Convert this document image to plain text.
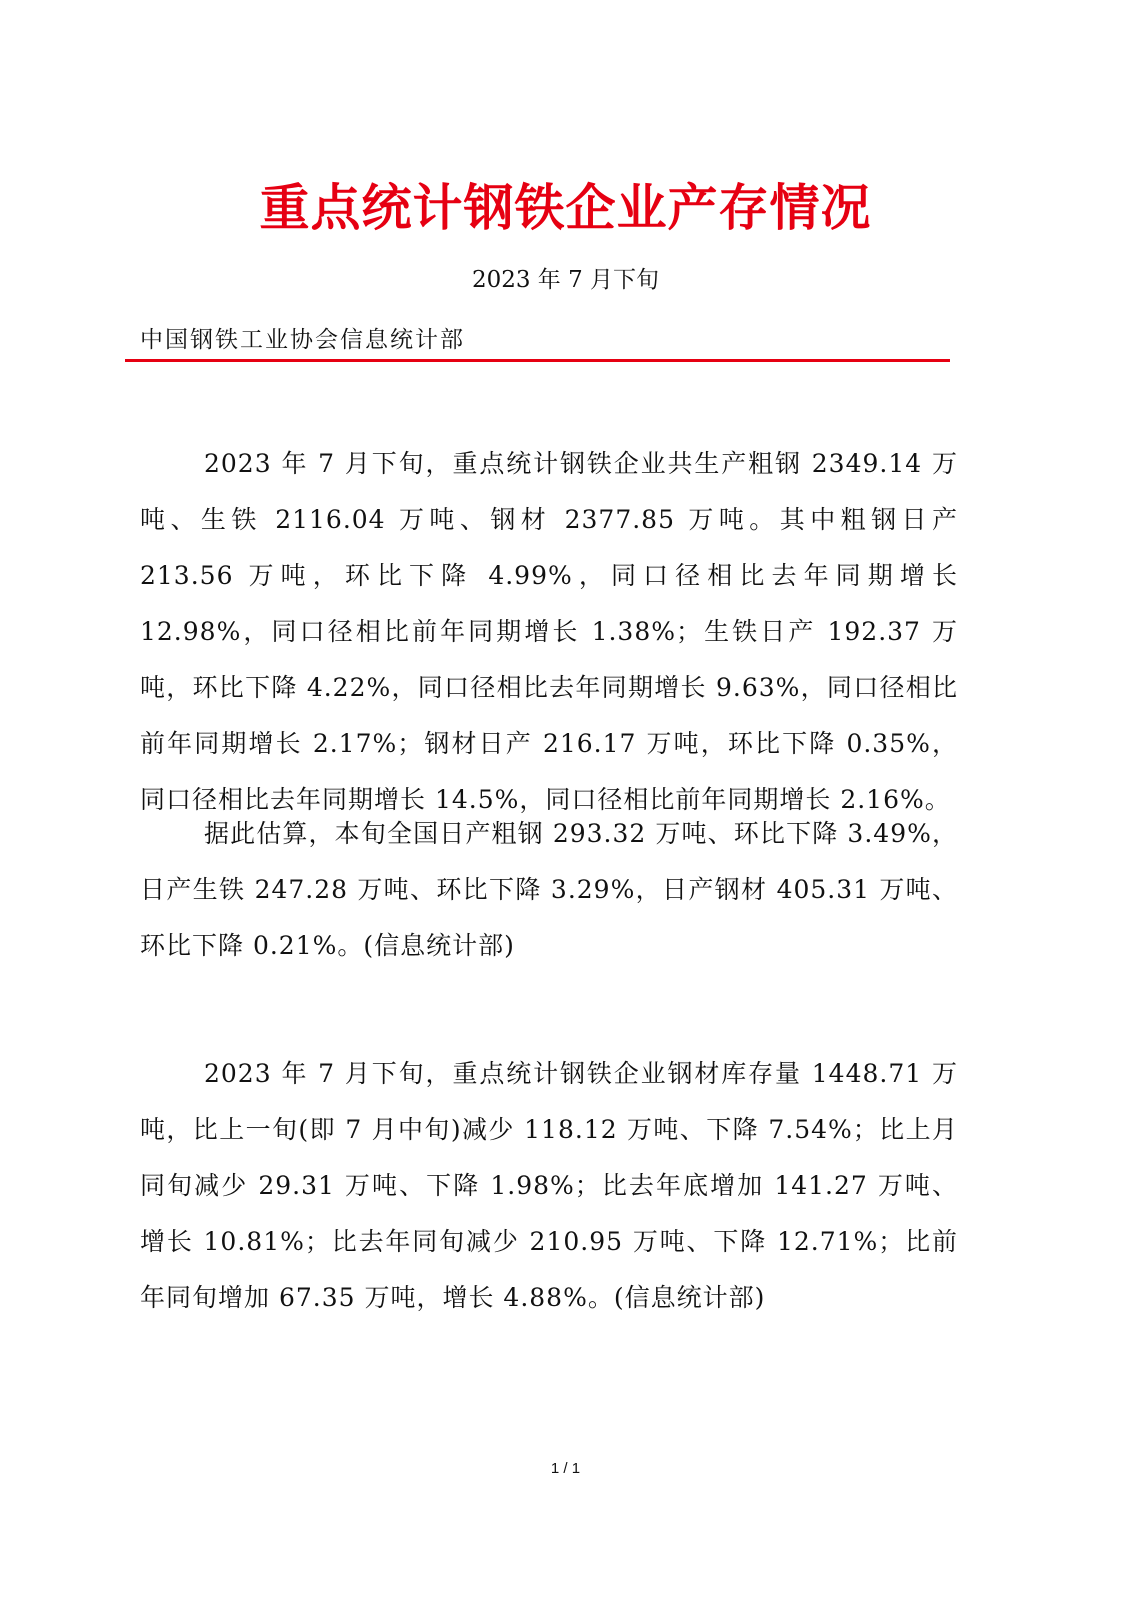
重点统计钢铁企业产存情况
2023 年 7 月下旬
中国钢铁工业协会信息统计部

2023 年 7 月下旬，重点统计钢铁企业共生产粗钢 2349.14 万吨、生铁 2116.04 万吨、钢材 2377.85 万吨。其中粗钢日产 213.56 万吨，环比下降 4.99%，同口径相比去年同期增长 12.98%，同口径相比前年同期增长 1.38%；生铁日产 192.37 万吨，环比下降 4.22%，同口径相比去年同期增长 9.63%，同口径相比前年同期增长 2.17%；钢材日产 216.17 万吨，环比下降 0.35%，同口径相比去年同期增长 14.5%，同口径相比前年同期增长 2.16%。

据此估算，本旬全国日产粗钢 293.32 万吨、环比下降 3.49%，日产生铁 247.28 万吨、环比下降 3.29%，日产钢材 405.31 万吨、环比下降 0.21%。(信息统计部)

2023 年 7 月下旬，重点统计钢铁企业钢材库存量 1448.71 万吨，比上一旬(即 7 月中旬)减少 118.12 万吨、下降 7.54%；比上月同旬减少 29.31 万吨、下降 1.98%；比去年底增加 141.27 万吨、增长 10.81%；比去年同旬减少 210.95 万吨、下降 12.71%；比前年同旬增加 67.35 万吨，增长 4.88%。(信息统计部)

1 / 1
